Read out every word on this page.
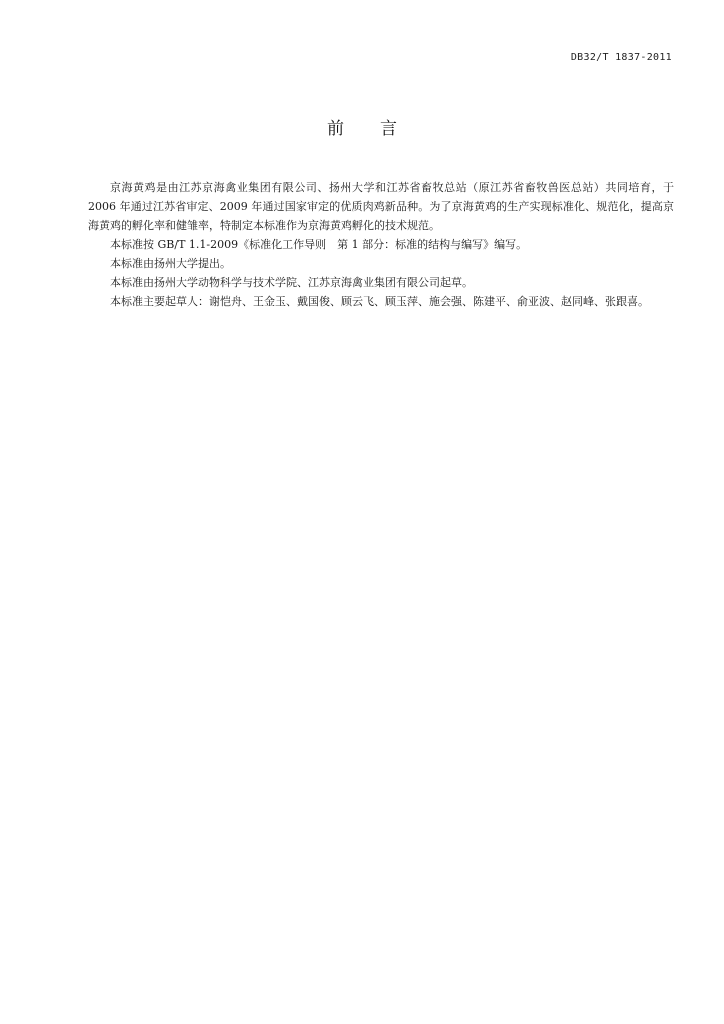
DB32/T 1837-2011
前 言

京海黄鸡是由江苏京海禽业集团有限公司、扬州大学和江苏省畜牧总站（原江苏省畜牧兽医总站）共同培育，于 2006 年通过江苏省审定、2009 年通过国家审定的优质肉鸡新品种。为了京海黄鸡的生产实现标准化、规范化，提高京海黄鸡的孵化率和健雏率，特制定本标准作为京海黄鸡孵化的技术规范。

本标准按 GB/T 1.1-2009《标准化工作导则　第 1 部分：标准的结构与编写》编写。

本标准由扬州大学提出。

本标准由扬州大学动物科学与技术学院、江苏京海禽业集团有限公司起草。

本标准主要起草人：谢恺舟、王金玉、戴国俊、顾云飞、顾玉萍、施会强、陈建平、俞亚波、赵同峰、张跟喜。
